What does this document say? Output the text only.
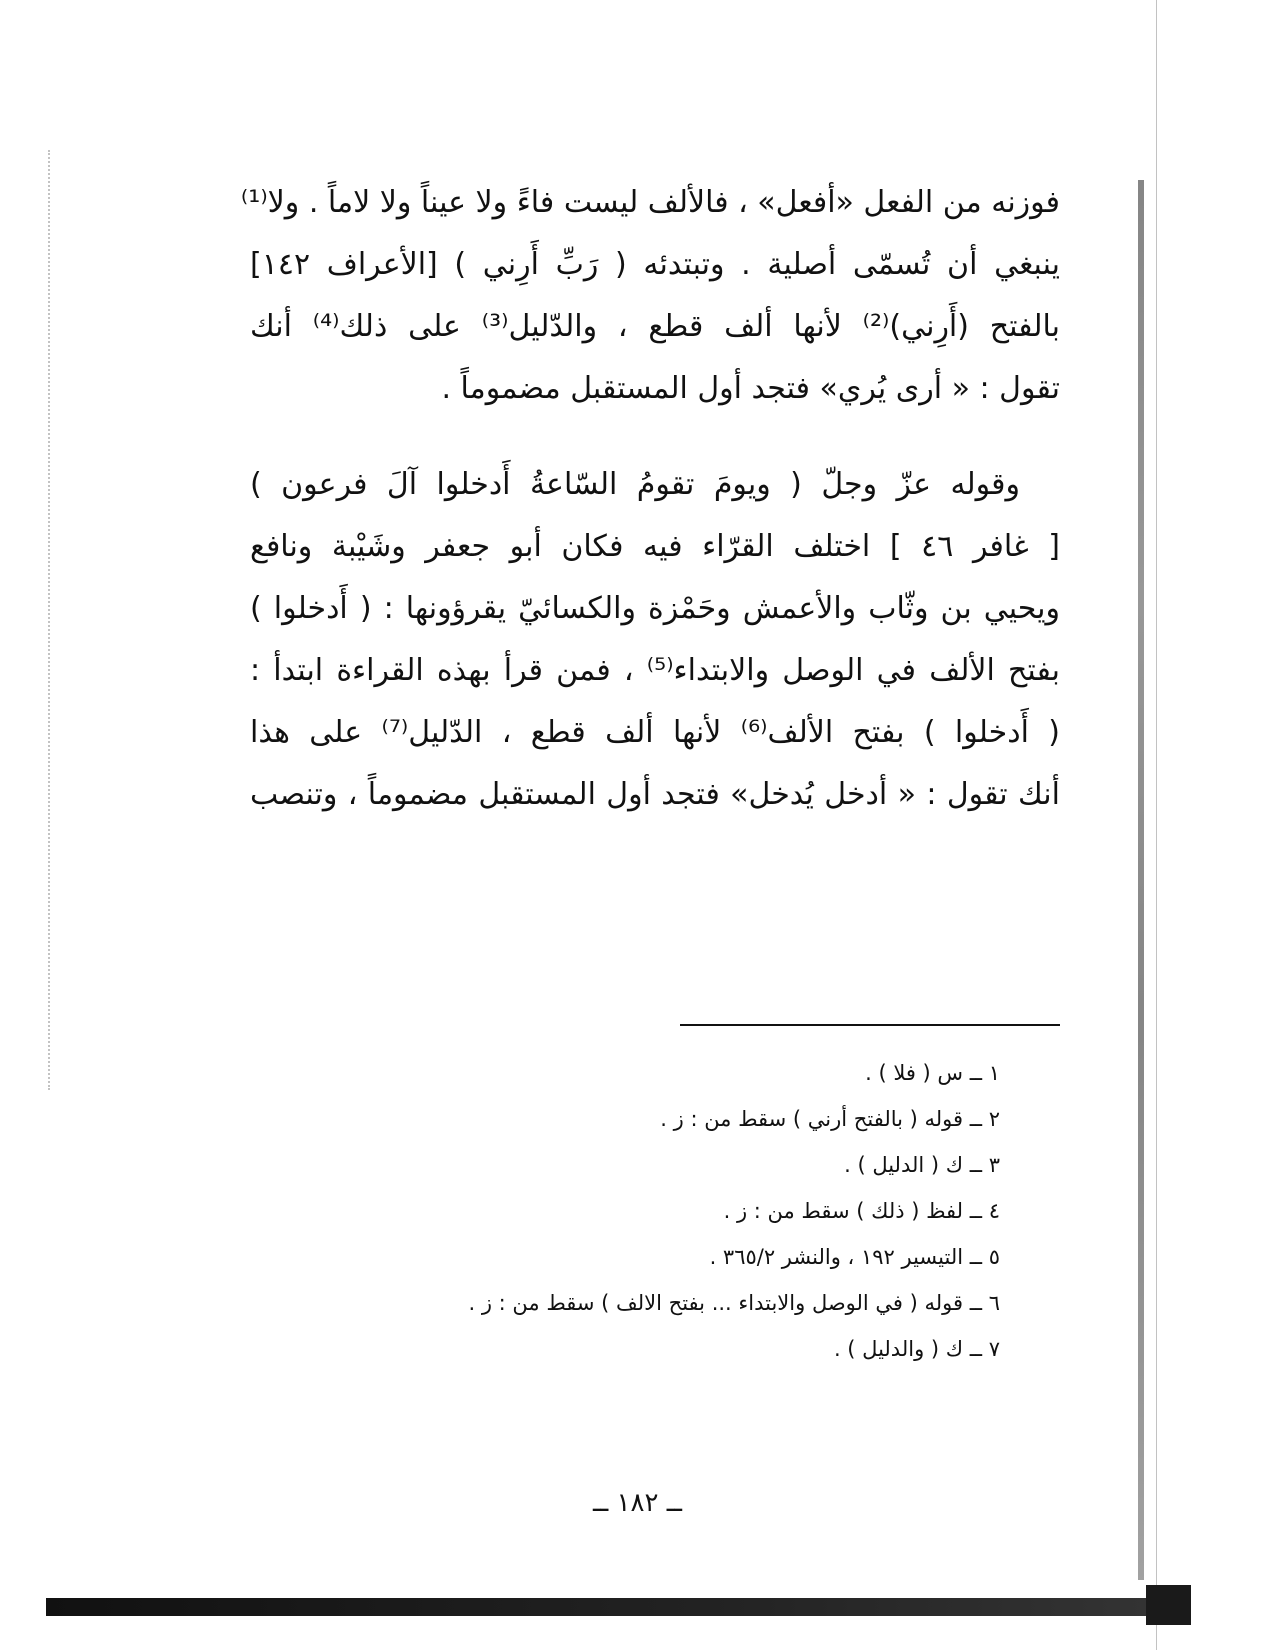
فوزنه من الفعل «أفعل» ، فالألف ليست فاءً ولا عيناً ولا لاماً . ولا⁽¹⁾
ينبغي أن تُسمّى أصلية . وتبتدئه ( رَبِّ أَرِني ) [الأعراف ١٤٢]
بالفتح (أَرِني)⁽²⁾ لأنها ألف قطع ، والدّليل⁽³⁾ على ذلك⁽⁴⁾ أنك
تقول : « أرى يُري» فتجد أول المستقبل مضموماً .
وقوله عزّ وجلّ ( ويومَ تقومُ السّاعةُ أَدخلوا آلَ فرعون )
[ غافر ٤٦ ] اختلف القرّاء فيه فكان أبو جعفر وشَيْبة ونافع
ويحيي بن وثّاب والأعمش وحَمْزة والكسائيّ يقرؤونها : ( أَدخلوا )
بفتح الألف في الوصل والابتداء⁽⁵⁾ ، فمن قرأ بهذه القراءة ابتدأ :
( أَدخلوا ) بفتح الألف⁽⁶⁾ لأنها ألف قطع ، الدّليل⁽⁷⁾ على هذا
أنك تقول : « أدخل يُدخل» فتجد أول المستقبل مضموماً ، وتنصب
١ ــ س ( فلا ) .
٢ ــ قوله ( بالفتح أرني ) سقط من : ز .
٣ ــ ك ( الدليل ) .
٤ ــ لفظ ( ذلك ) سقط من : ز .
٥ ــ التيسير ١٩٢ ، والنشر ٣٦٥/٢ .
٦ ــ قوله ( في الوصل والابتداء ... بفتح الالف ) سقط من : ز .
٧ ــ ك ( والدليل ) .
ــ ١٨٢ ــ
